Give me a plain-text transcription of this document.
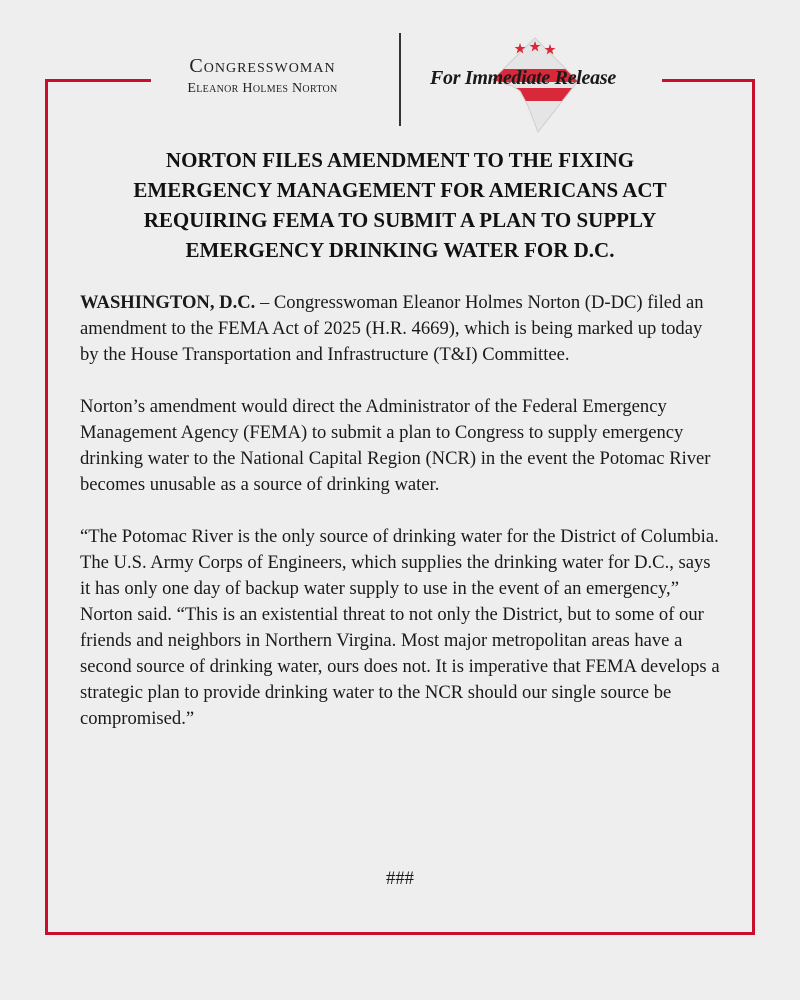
Congresswoman
Eleanor Holmes Norton	For Immediate Release
NORTON FILES AMENDMENT TO THE FIXING EMERGENCY MANAGEMENT FOR AMERICANS ACT REQUIRING FEMA TO SUBMIT A PLAN TO SUPPLY EMERGENCY DRINKING WATER FOR D.C.

WASHINGTON, D.C. – Congresswoman Eleanor Holmes Norton (D-DC) filed an amendment to the FEMA Act of 2025 (H.R. 4669), which is being marked up today by the House Transportation and Infrastructure (T&I) Committee.

Norton’s amendment would direct the Administrator of the Federal Emergency Management Agency (FEMA) to submit a plan to Congress to supply emergency drinking water to the National Capital Region (NCR) in the event the Potomac River becomes unusable as a source of drinking water.

“The Potomac River is the only source of drinking water for the District of Columbia. The U.S. Army Corps of Engineers, which supplies the drinking water for D.C., says it has only one day of backup water supply to use in the event of an emergency,” Norton said. “This is an existential threat to not only the District, but to some of our friends and neighbors in Northern Virgina. Most major metropolitan areas have a second source of drinking water, ours does not. It is imperative that FEMA develops a strategic plan to provide drinking water to the NCR should our single source be compromised.”

###
